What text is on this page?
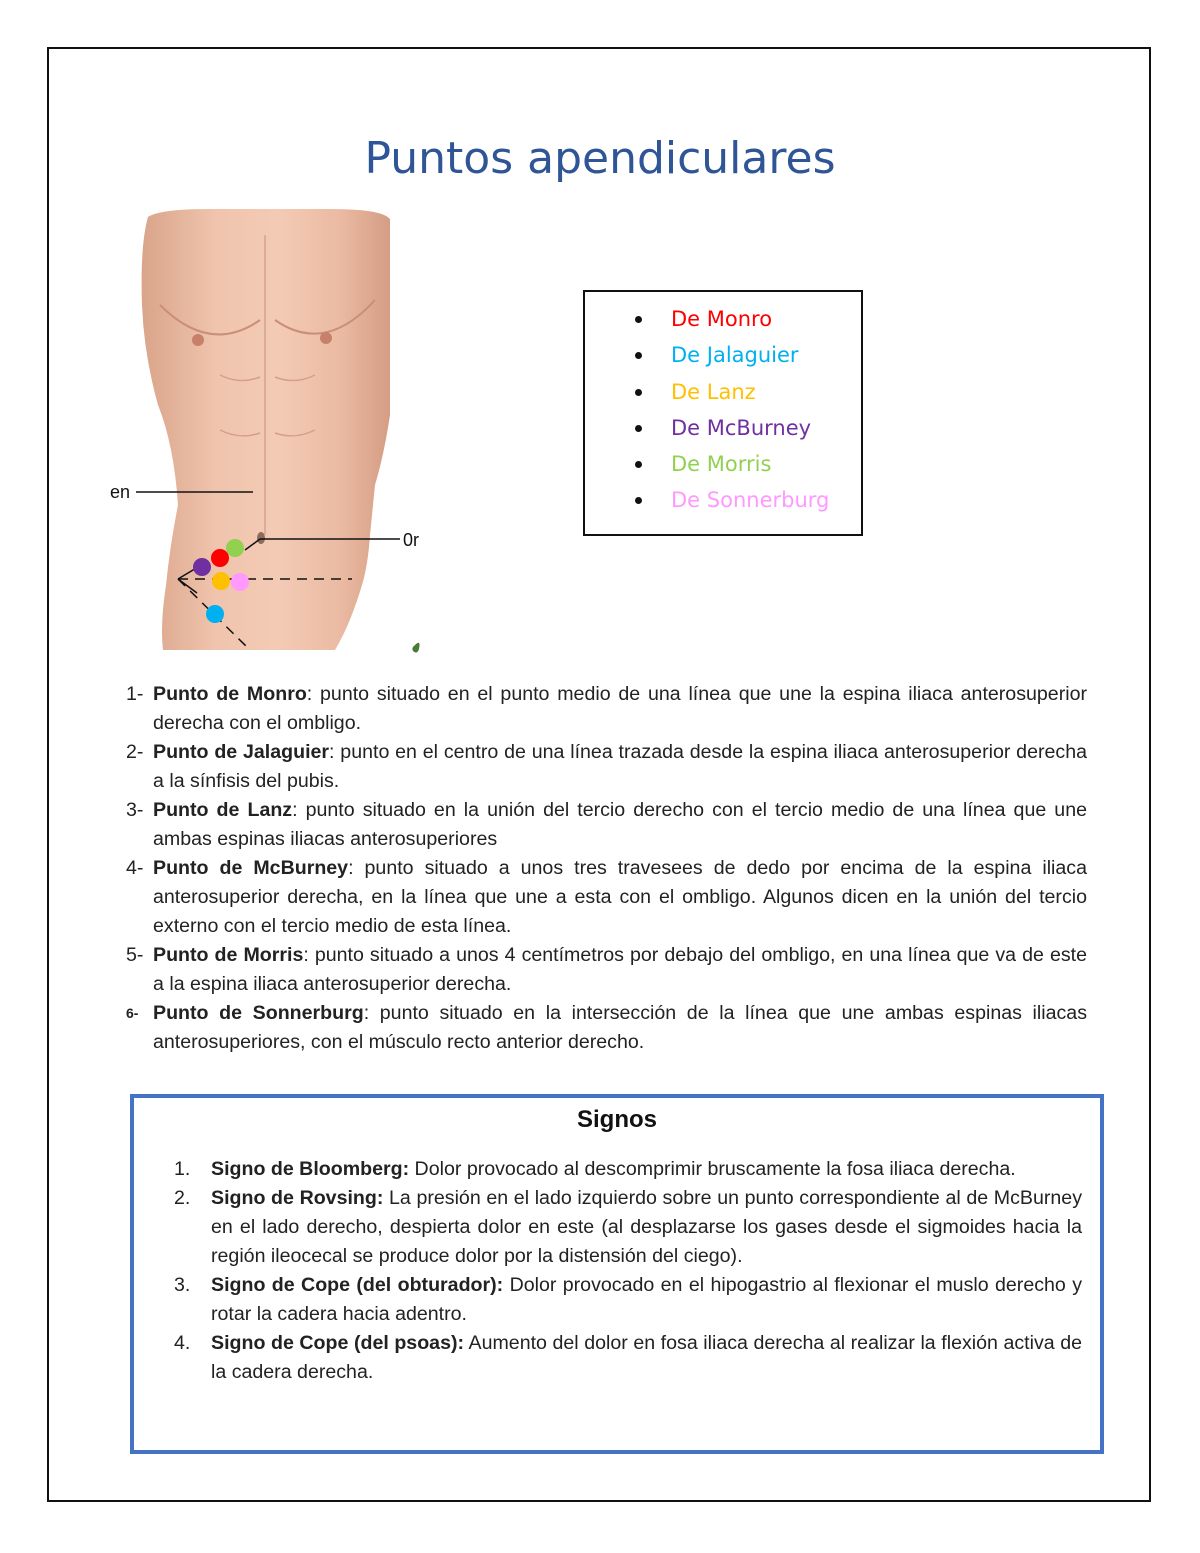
Puntos apendiculares
en
0r
De Monro
De Jalaguier
De Lanz
De McBurney
De Morris
De Sonnerburg
1- Punto de Monro: punto situado en el punto medio de una línea que une la espina iliaca anterosuperior derecha con el ombligo.
2- Punto de Jalaguier: punto en el centro de una línea trazada desde la espina iliaca anterosuperior derecha a la sínfisis del pubis.
3- Punto de Lanz: punto situado en la unión del tercio derecho con el tercio medio de una línea que une ambas espinas iliacas anterosuperiores
4- Punto de McBurney: punto situado a unos tres travesees de dedo por encima de la espina iliaca anterosuperior derecha, en la línea que une a esta con el ombligo. Algunos dicen en la unión del tercio externo con el tercio medio de esta línea.
5- Punto de Morris: punto situado a unos 4 centímetros por debajo del ombligo, en una línea que va de este a la espina iliaca anterosuperior derecha.
6- Punto de Sonnerburg: punto situado en la intersección de la línea que une ambas espinas iliacas anterosuperiores, con el músculo recto anterior derecho.
Signos
1. Signo de Bloomberg: Dolor provocado al descomprimir bruscamente la fosa iliaca derecha.
2. Signo de Rovsing: La presión en el lado izquierdo sobre un punto correspondiente al de McBurney en el lado derecho, despierta dolor en este (al desplazarse los gases desde el sigmoides hacia la región ileocecal se produce dolor por la distensión del ciego).
3. Signo de Cope (del obturador): Dolor provocado en el hipogastrio al flexionar el muslo derecho y rotar la cadera hacia adentro.
4. Signo de Cope (del psoas): Aumento del dolor en fosa iliaca derecha al realizar la flexión activa de la cadera derecha.
